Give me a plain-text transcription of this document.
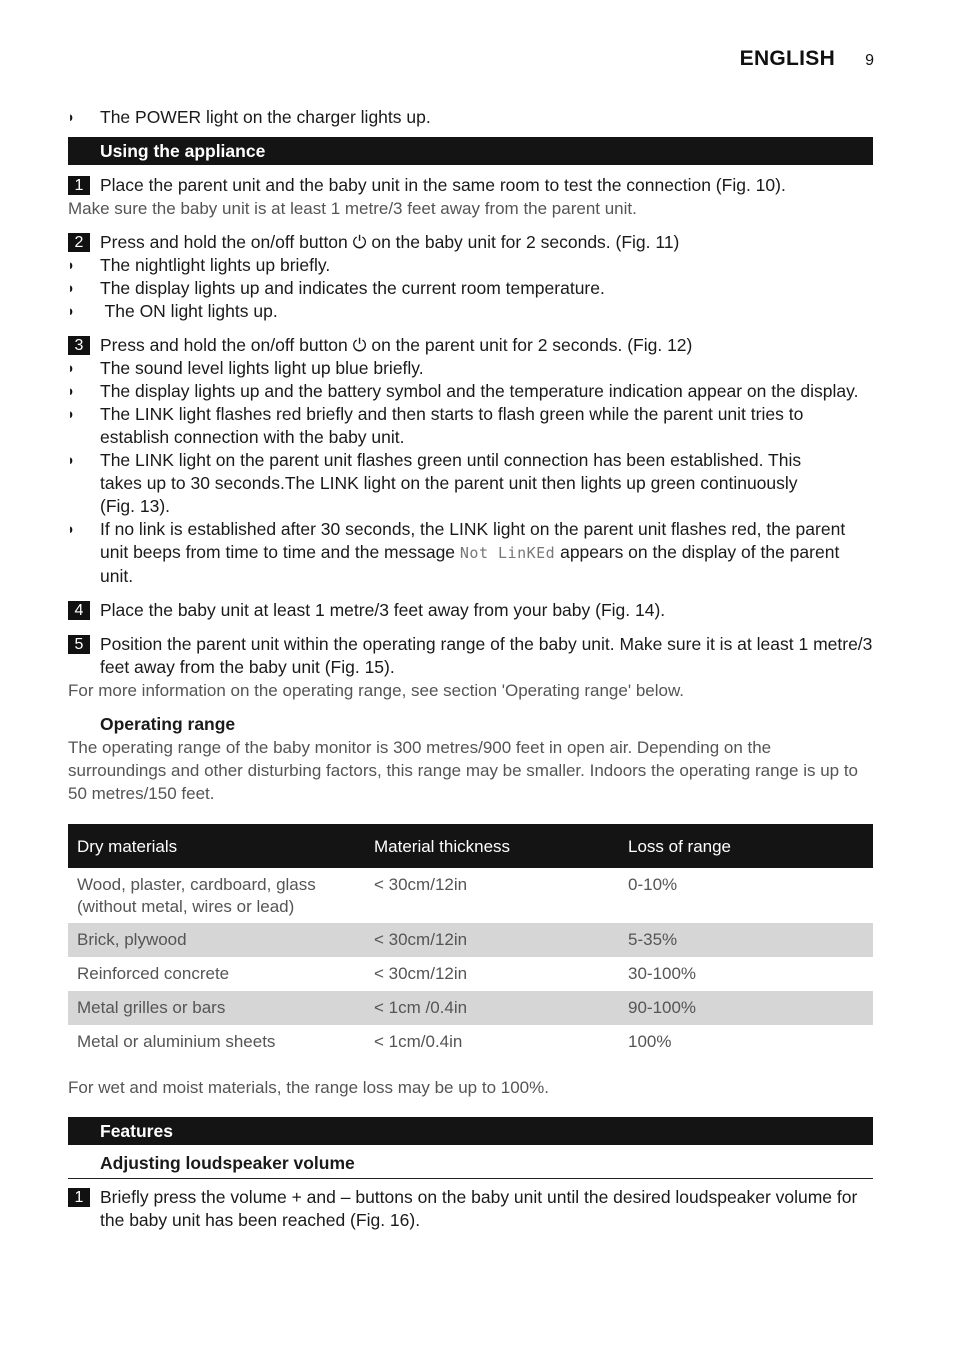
ENGLISH 9
◗	The POWER light on the charger lights up.
Using the appliance
1 Place the parent unit and the baby unit in the same room to test the connection (Fig. 10).
Make sure the baby unit is at least 1 metre/3 feet away from the parent unit.
2 Press and hold the on/off button ⏻ on the baby unit for 2 seconds. (Fig. 11)
◗	The nightlight lights up briefly.
◗	The display lights up and indicates the current room temperature.
◗	The ON light lights up.
3 Press and hold the on/off button ⏻ on the parent unit for 2 seconds. (Fig. 12)
◗	The sound level lights light up blue briefly.
◗	The display lights up and the battery symbol and the temperature indication appear on the display.
◗	The LINK light flashes red briefly and then starts to flash green while the parent unit tries to establish connection with the baby unit.
◗	The LINK light on the parent unit flashes green until connection has been established. This takes up to 30 seconds.The LINK light on the parent unit then lights up green continuously (Fig. 13).
◗	If no link is established after 30 seconds, the LINK light on the parent unit flashes red, the parent unit beeps from time to time and the message Not LinKEd appears on the display of the parent unit.
4 Place the baby unit at least 1 metre/3 feet away from your baby (Fig. 14).
5 Position the parent unit within the operating range of the baby unit. Make sure it is at least 1 metre/3 feet away from the baby unit (Fig. 15).
For more information on the operating range, see section 'Operating range' below.
Operating range
The operating range of the baby monitor is 300 metres/900 feet in open air. Depending on the surroundings and other disturbing factors, this range may be smaller. Indoors the operating range is up to 50 metres/150 feet.
Dry materials	Material thickness	Loss of range
Wood, plaster, cardboard, glass (without metal, wires or lead)	< 30cm/12in	0-10%
Brick, plywood	< 30cm/12in	5-35%
Reinforced concrete	< 30cm/12in	30-100%
Metal grilles or bars	< 1cm /0.4in	90-100%
Metal or aluminium sheets	< 1cm/0.4in	100%
For wet and moist materials, the range loss may be up to 100%.
Features
Adjusting loudspeaker volume
1 Briefly press the volume + and – buttons on the baby unit until the desired loudspeaker volume for the baby unit has been reached (Fig. 16).
